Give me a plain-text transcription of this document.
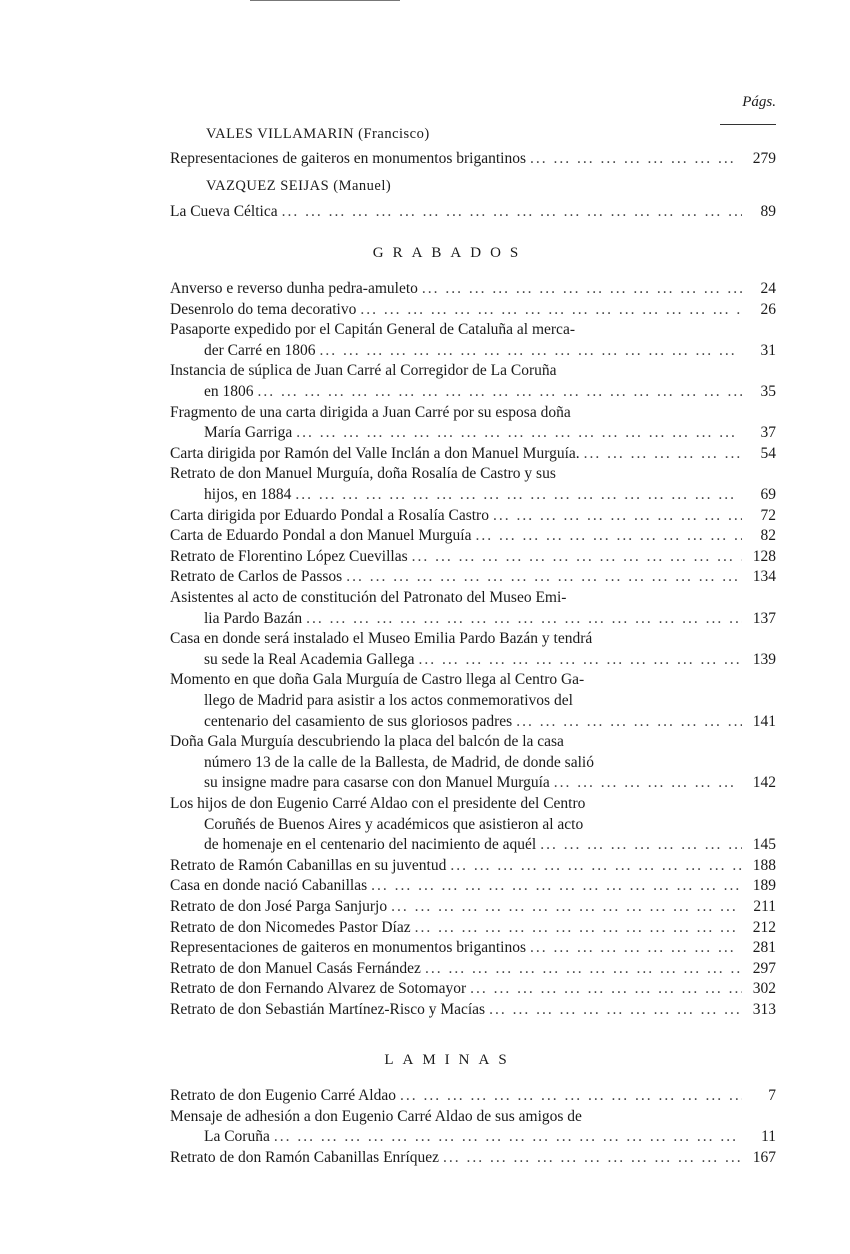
Págs.
VALES VILLAMARIN (Francisco)
Representaciones de gaiteros en monumentos brigantinos ... .	279
VAZQUEZ SEIJAS (Manuel)
La Cueva Céltica ... .	89
GRABADOS
Anverso e reverso dunha pedra-amuleto ... .	24
Desenrolo do tema decorativo ... .	26
Pasaporte expedido por el Capitán General de Cataluña al merca-
der Carré en 1806 ... .	31
Instancia de súplica de Juan Carré al Corregidor de La Coruña
en 1806 ... .	35
Fragmento de una carta dirigida a Juan Carré por su esposa doña
María Garriga ... .	37
Carta dirigida por Ramón del Valle Inclán a don Manuel Murguía. ... .	54
Retrato de don Manuel Murguía, doña Rosalía de Castro y sus
hijos, en 1884 ... .	69
Carta dirigida por Eduardo Pondal a Rosalía Castro ... .	72
Carta de Eduardo Pondal a don Manuel Murguía ... .	82
Retrato de Florentino López Cuevillas ... .	128
Retrato de Carlos de Passos ... .	134
Asistentes al acto de constitución del Patronato del Museo Emi-
lia Pardo Bazán ... .	137
Casa en donde será instalado el Museo Emilia Pardo Bazán y tendrá
su sede la Real Academia Gallega ... .	139
Momento en que doña Gala Murguía de Castro llega al Centro Ga-
llego de Madrid para asistir a los actos conmemorativos del
centenario del casamiento de sus gloriosos padres ... .	141
Doña Gala Murguía descubriendo la placa del balcón de la casa
número 13 de la calle de la Ballesta, de Madrid, de donde salió
su insigne madre para casarse con don Manuel Murguía ... .	142
Los hijos de don Eugenio Carré Aldao con el presidente del Centro
Coruñés de Buenos Aires y académicos que asistieron al acto
de homenaje en el centenario del nacimiento de aquél ... .	145
Retrato de Ramón Cabanillas en su juventud ... .	188
Casa en donde nació Cabanillas ... .	189
Retrato de don José Parga Sanjurjo ... .	211
Retrato de don Nicomedes Pastor Díaz ... .	212
Representaciones de gaiteros en monumentos brigantinos ... .	281
Retrato de don Manuel Casás Fernández ... .	297
Retrato de don Fernando Alvarez de Sotomayor ... .	302
Retrato de don Sebastián Martínez-Risco y Macías ... .	313
LAMINAS
Retrato de don Eugenio Carré Aldao ... .	7
Mensaje de adhesión a don Eugenio Carré Aldao de sus amigos de
La Coruña ... .	11
Retrato de don Ramón Cabanillas Enríquez ... .	167
